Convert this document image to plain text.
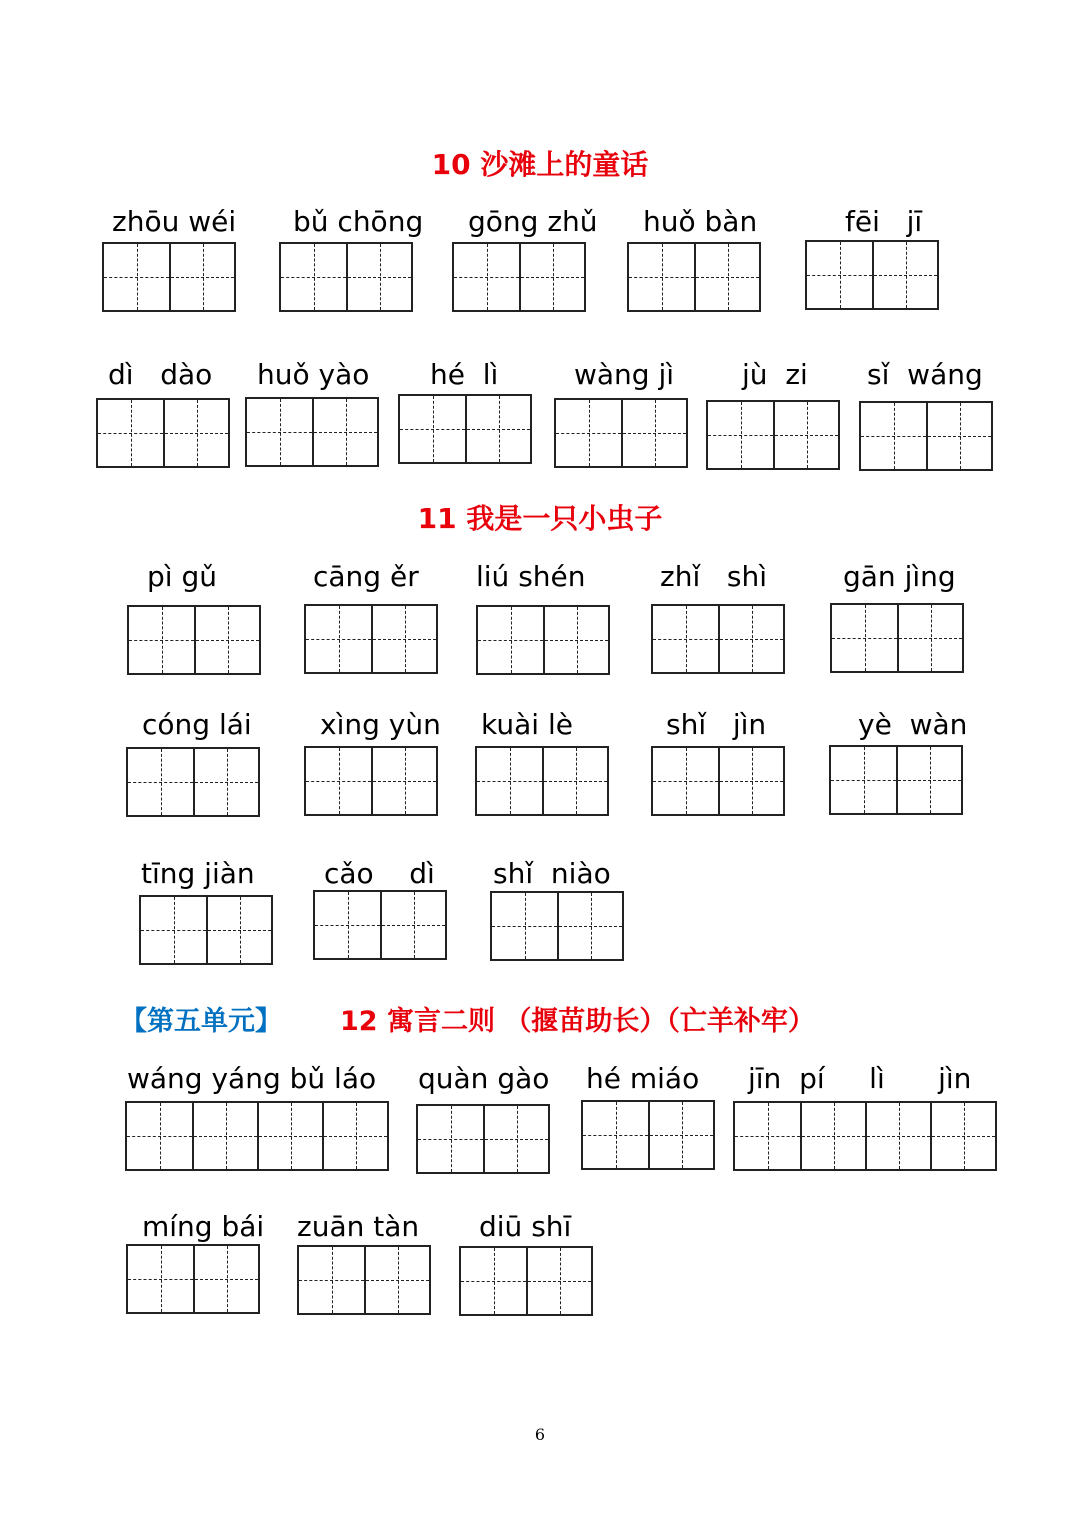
10 沙滩上的童话
11 我是一只小虫子
【第五单元】 12 寓言二则 （揠苗助长）（亡羊补牢）
zhōu wéi bǔ chōng gōng zhǔ huǒ bàn	fēi   jī
dì   dào huǒ yào hé  lì	wàng jì jù  zi sǐ  wáng
pì gǔ	cāng ěr liú shén	zhǐ   shì	gān jìng
cóng lái xìng yùn kuài lè	shǐ   jìn	yè  wàn
tīng jiàn cǎo    dì shǐ  niào
wáng yáng bǔ láo quàn gào hé miáo jīn  pí     lì      jìn
míng bái zuān tàn diū shī
6
